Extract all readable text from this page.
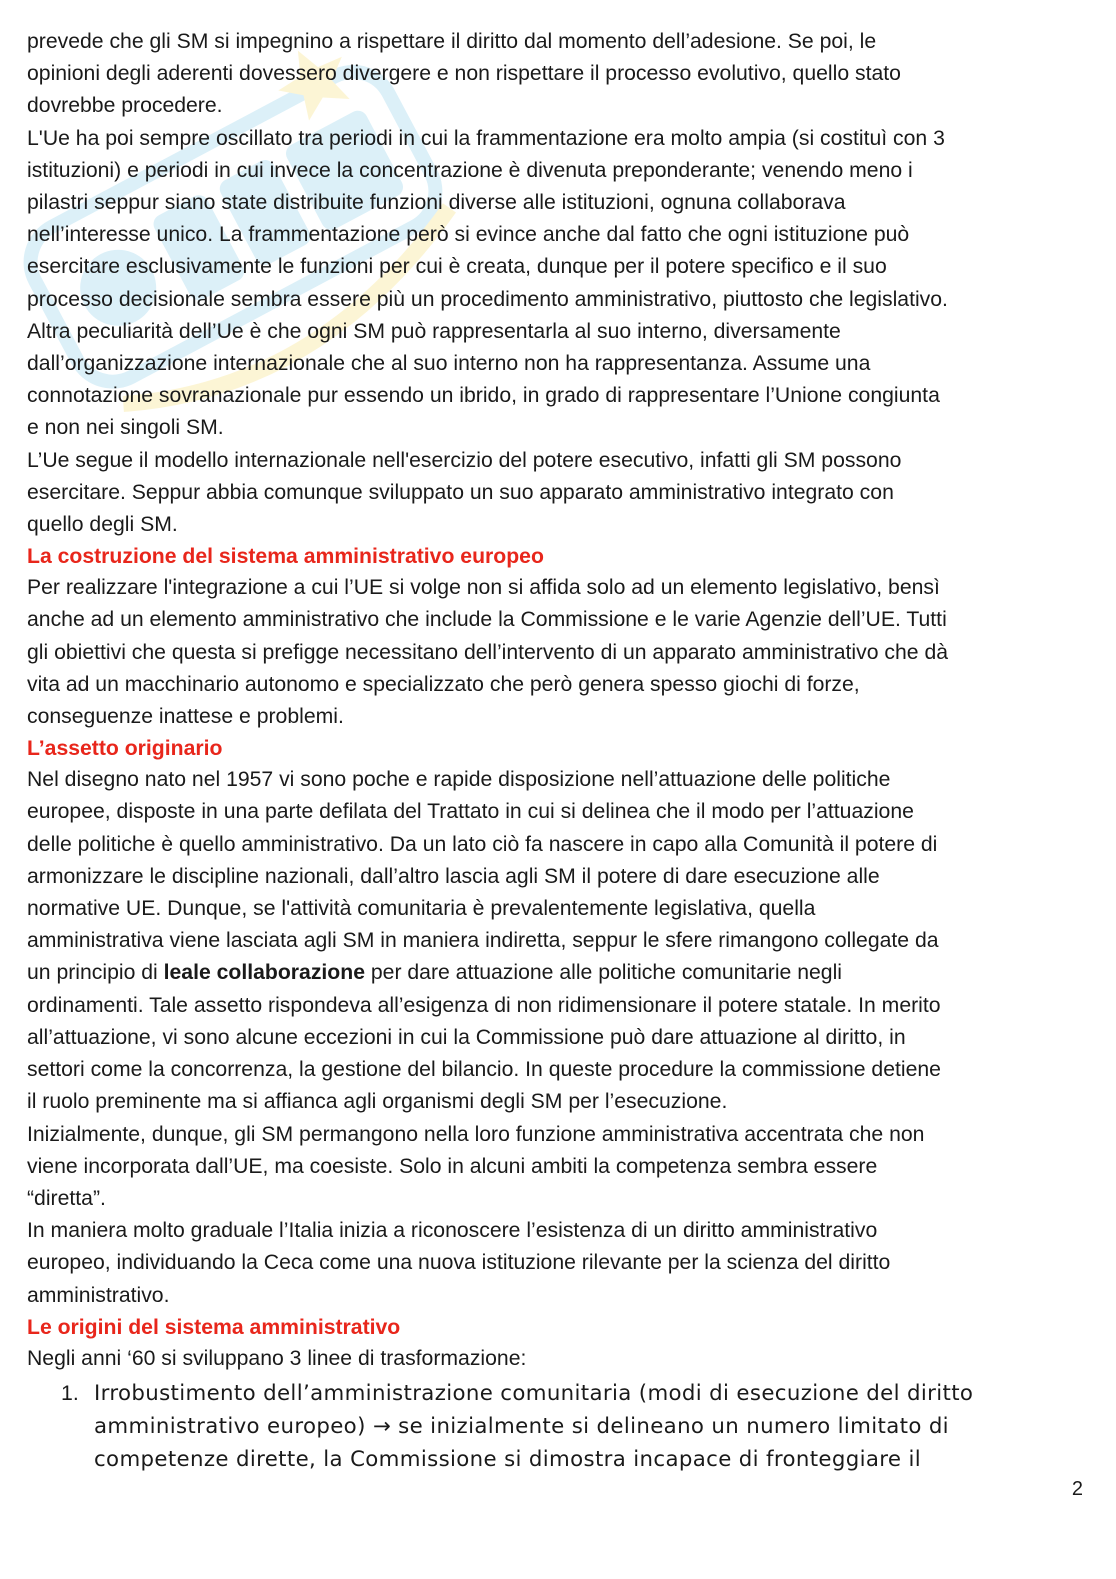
prevede che gli SM si impegnino a rispettare il diritto dal momento dell’adesione. Se poi, le
opinioni degli aderenti dovessero divergere e non rispettare il processo evolutivo, quello stato
dovrebbe procedere.

L'Ue ha poi sempre oscillato tra periodi in cui la frammentazione era molto ampia (si costituì con 3
istituzioni) e periodi in cui invece la concentrazione è divenuta preponderante; venendo meno i
pilastri seppur siano state distribuite funzioni diverse alle istituzioni, ognuna collaborava
nell’interesse unico. La frammentazione però si evince anche dal fatto che ogni istituzione può
esercitare esclusivamente le funzioni per cui è creata, dunque per il potere specifico e il suo
processo decisionale sembra essere più un procedimento amministrativo, piuttosto che legislativo.

Altra peculiarità dell’Ue è che ogni SM può rappresentarla al suo interno, diversamente
dall’organizzazione internazionale che al suo interno non ha rappresentanza. Assume una
connotazione sovranazionale pur essendo un ibrido, in grado di rappresentare l’Unione congiunta
e non nei singoli SM.

L’Ue segue il modello internazionale nell'esercizio del potere esecutivo, infatti gli SM possono
esercitare. Seppur abbia comunque sviluppato un suo apparato amministrativo integrato con
quello degli SM.

La costruzione del sistema amministrativo europeo

Per realizzare l'integrazione a cui l’UE si volge non si affida solo ad un elemento legislativo, bensì
anche ad un elemento amministrativo che include la Commissione e le varie Agenzie dell’UE. Tutti
gli obiettivi che questa si prefigge necessitano dell’intervento di un apparato amministrativo che dà
vita ad un macchinario autonomo e specializzato che però genera spesso giochi di forze,
conseguenze inattese e problemi.

L’assetto originario

Nel disegno nato nel 1957 vi sono poche e rapide disposizione nell’attuazione delle politiche
europee, disposte in una parte defilata del Trattato in cui si delinea che il modo per l’attuazione
delle politiche è quello amministrativo. Da un lato ciò fa nascere in capo alla Comunità il potere di
armonizzare le discipline nazionali, dall’altro lascia agli SM il potere di dare esecuzione alle
normative UE. Dunque, se l'attività comunitaria è prevalentemente legislativa, quella
amministrativa viene lasciata agli SM in maniera indiretta, seppur le sfere rimangono collegate da
un principio di leale collaborazione per dare attuazione alle politiche comunitarie negli
ordinamenti. Tale assetto rispondeva all’esigenza di non ridimensionare il potere statale. In merito
all’attuazione, vi sono alcune eccezioni in cui la Commissione può dare attuazione al diritto, in
settori come la concorrenza, la gestione del bilancio. In queste procedure la commissione detiene
il ruolo preminente ma si affianca agli organismi degli SM per l’esecuzione.

Inizialmente, dunque, gli SM permangono nella loro funzione amministrativa accentrata che non
viene incorporata dall’UE, ma coesiste. Solo in alcuni ambiti la competenza sembra essere
“diretta”.

In maniera molto graduale l’Italia inizia a riconoscere l’esistenza di un diritto amministrativo
europeo, individuando la Ceca come una nuova istituzione rilevante per la scienza del diritto
amministrativo.

Le origini del sistema amministrativo

Negli anni ‘60 si sviluppano 3 linee di trasformazione:

1. Irrobustimento dell’amministrazione comunitaria (modi di esecuzione del diritto
amministrativo europeo) → se inizialmente si delineano un numero limitato di
competenze dirette, la Commissione si dimostra incapace di fronteggiare il
2
